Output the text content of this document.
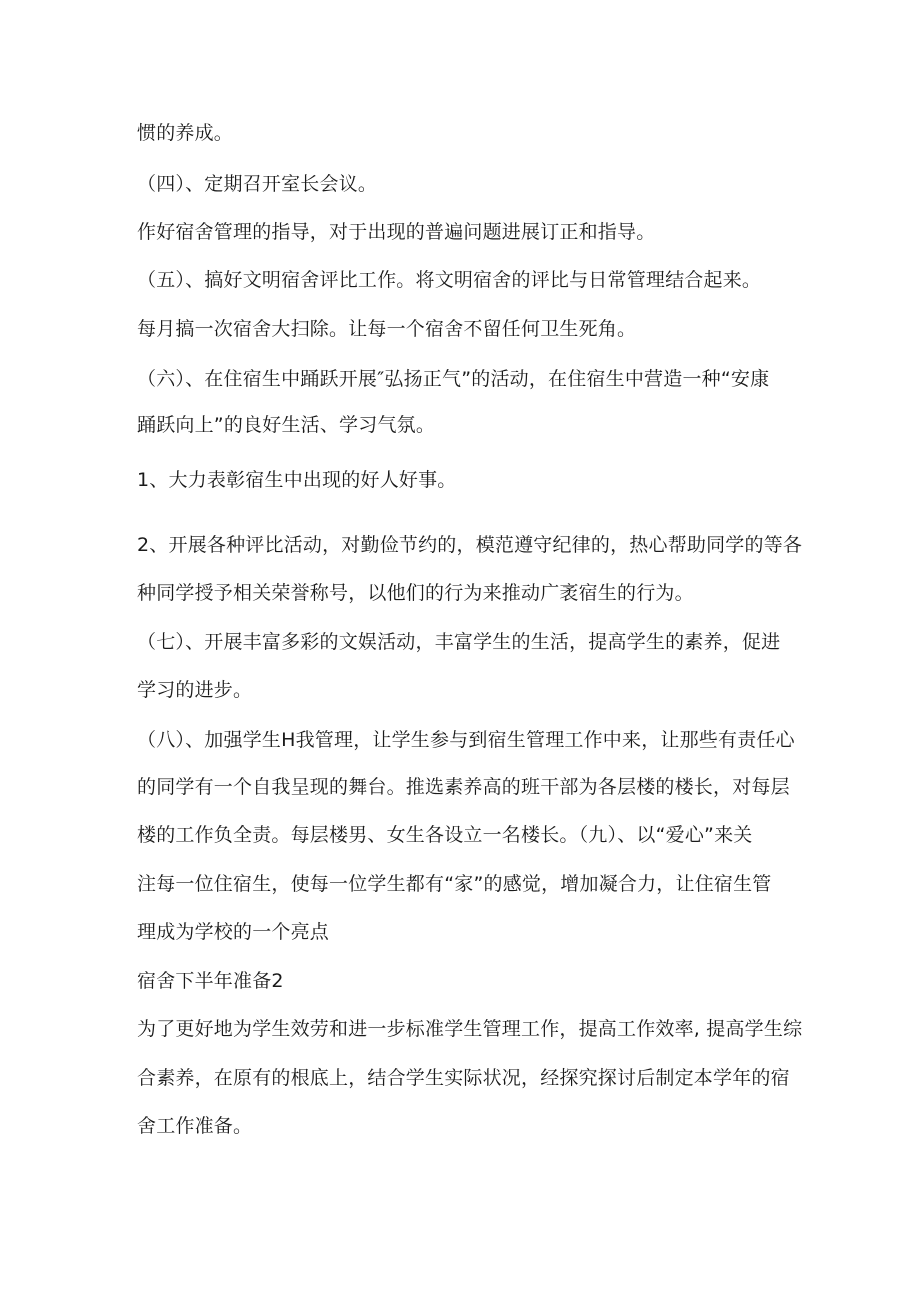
惯的养成。
（四）、定期召开室长会议。
作好宿舍管理的指导，对于出现的普遍问题进展订正和指导。
（五）、搞好文明宿舍评比工作。将文明宿舍的评比与日常管理结合起来。
每月搞一次宿舍大扫除。让每一个宿舍不留任何卫生死角。
（六）、在住宿生中踊跃开展″弘扬正气”的活动，在住宿生中营造一种“安康
踊跃向上”的良好生活、学习气氛。
1、大力表彰宿生中出现的好人好事。
2、开展各种评比活动，对勤俭节约的，模范遵守纪律的，热心帮助同学的等各
种同学授予相关荣誉称号，以他们的行为来推动广袤宿生的行为。
（七）、开展丰富多彩的文娱活动，丰富学生的生活，提高学生的素养，促进
学习的进步。
（八）、加强学生H我管理，让学生参与到宿生管理工作中来，让那些有责任心
的同学有一个自我呈现的舞台。推选素养高的班干部为各层楼的楼长，对每层
楼的工作负全责。每层楼男、女生各设立一名楼长。（九）、以“爱心”来关
注每一位住宿生，使每一位学生都有“家”的感觉，增加凝合力，让住宿生管
理成为学校的一个亮点
宿舍下半年准备2
为了更好地为学生效劳和进一步标准学生管理工作，提高工作效率, 提高学生综
合素养，在原有的根底上，结合学生实际状况，经探究探讨后制定本学年的宿
舍工作准备。
